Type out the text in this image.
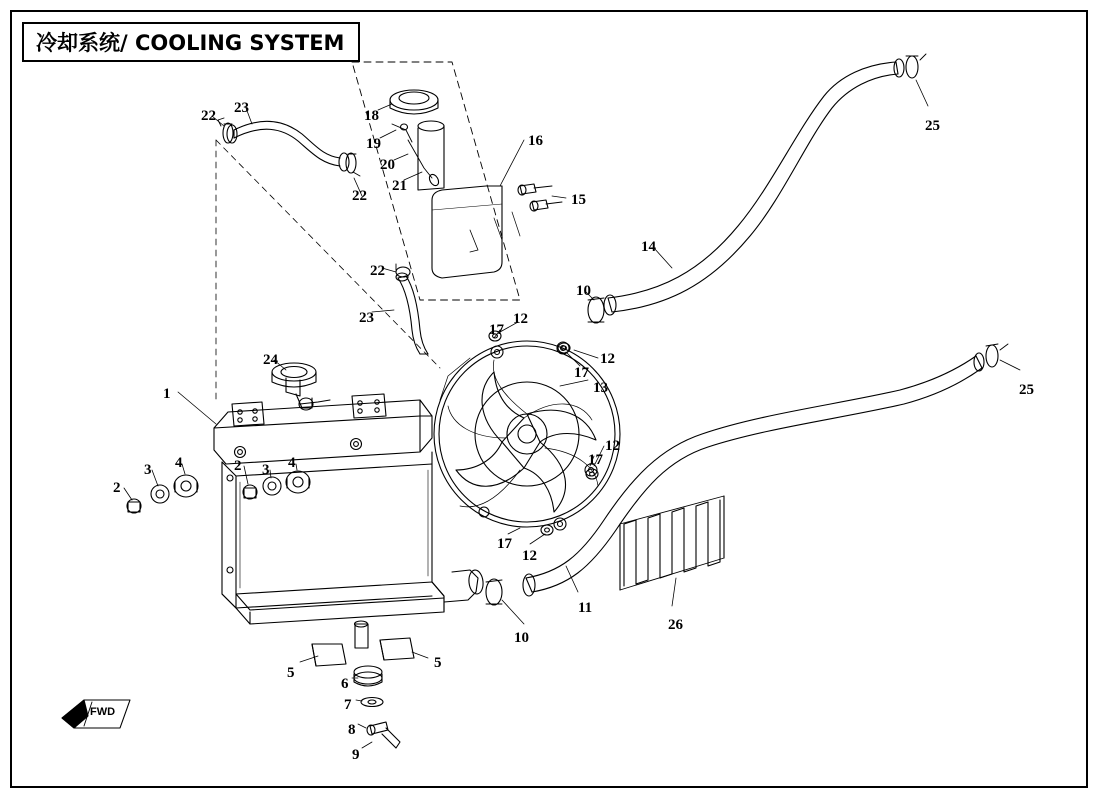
冷却系统/ COOLING SYSTEM
1
2
3 4	2 3 4
5
5
6
7
8
9
10
10
11
12
12
12
12
13
14
15
16
17
17
17
17
18
19
20
21
22
22
22
23
23
24
25
25
26
FWD
